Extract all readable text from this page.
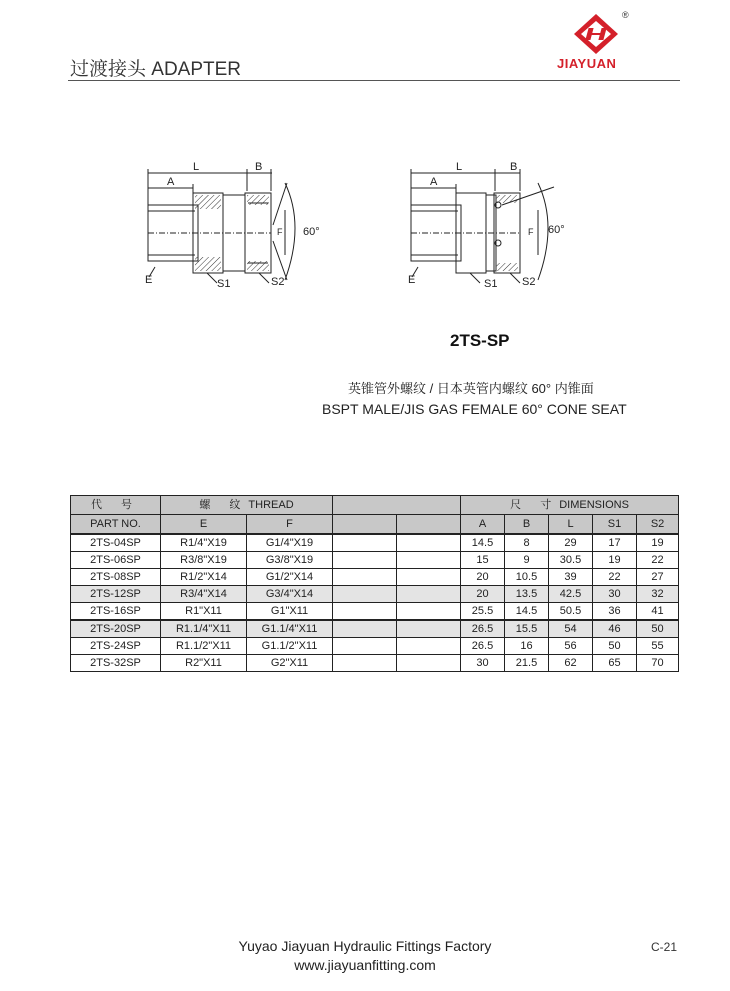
过渡接头 ADAPTER
®
JIAYUAN
L
A
B
F 60°
E	S1	S2
L
A
B
F 60°
E	S1 S2
2TS-SP
英锥管外螺纹 / 日本英管内螺纹 60° 内锥面
BSPT MALE/JIS GAS FEMALE 60° CONE SEAT
代 号	螺 纹THREAD				尺 寸DIMENSIONS				
PART NO.	E	F			A	B	L	S1	S2
2TS-04SP	R1/4"X19	G1/4"X19			14.5	8	29	17	19
2TS-06SP	R3/8"X19	G3/8"X19			15	9	30.5	19	22
2TS-08SP	R1/2"X14	G1/2"X14			20	10.5	39	22	27
2TS-12SP	R3/4"X14	G3/4"X14			20	13.5	42.5	30	32
2TS-16SP	R1"X11	G1"X11			25.5	14.5	50.5	36	41
2TS-20SP	R1.1/4"X11	G1.1/4"X11			26.5	15.5	54	46	50
2TS-24SP	R1.1/2"X11	G1.1/2"X11			26.5	16	56	50	55
2TS-32SP	R2"X11	G2"X11			30	21.5	62	65	70
Yuyao Jiayuan Hydraulic Fittings Factory
www.jiayuanfitting.com
C-21
